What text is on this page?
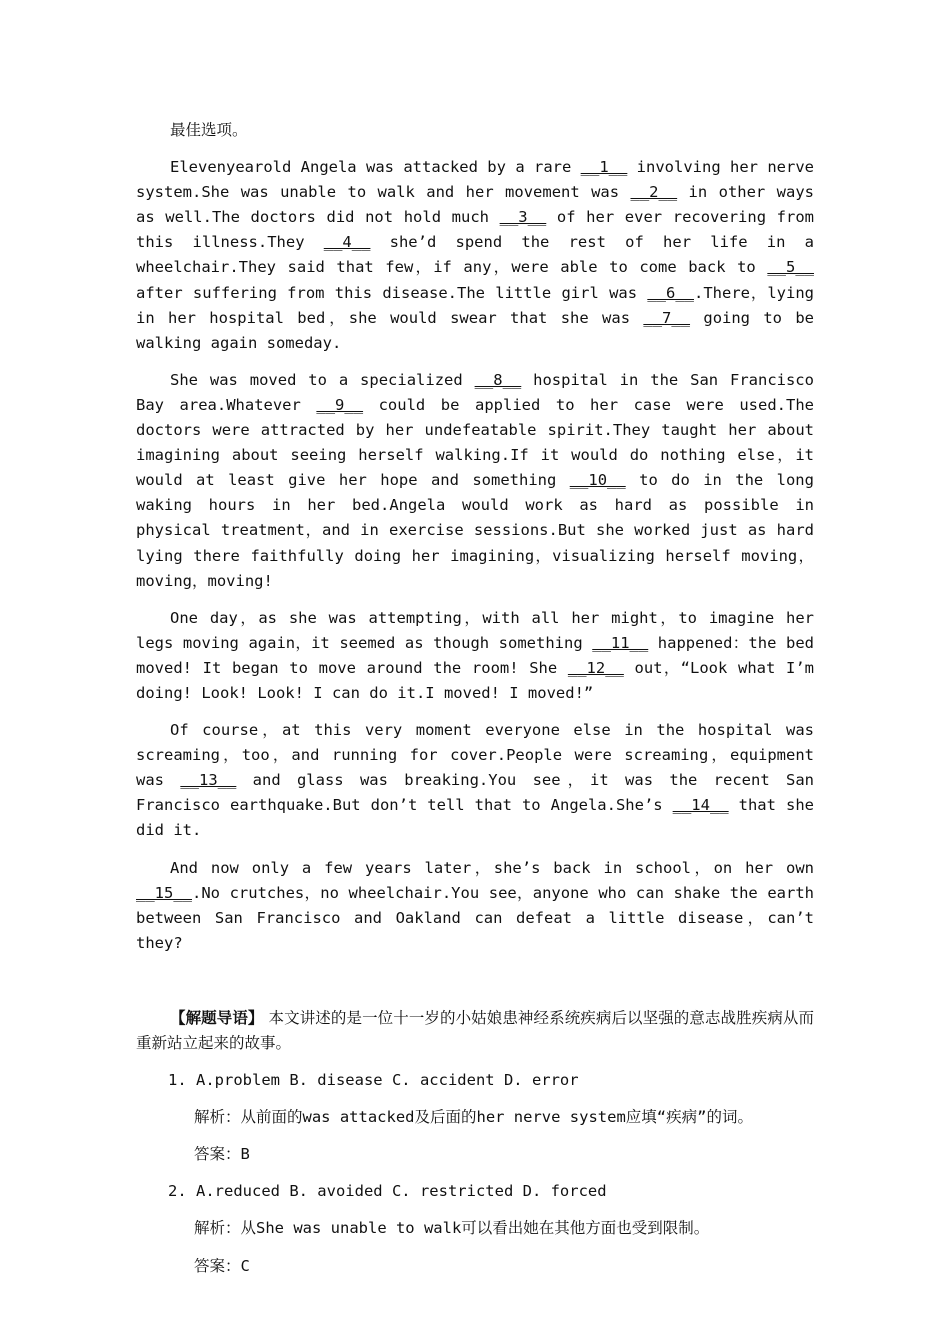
最佳选项。

Elevenyearold Angela was attacked by a rare __1__ involving her nerve system.She was unable to walk and her movement was __2__ in other ways as well.The doctors did not hold much __3__ of her ever recovering from this illness.They __4__ she’d spend the rest of her life in a wheelchair.They said that few，if any，were able to come back to __5__ after suffering from this disease.The little girl was __6__.There，lying in her hospital bed，she would swear that she was __7__ going to be walking again someday.

She was moved to a specialized __8__ hospital in the San Francisco Bay area.Whatever __9__ could be applied to her case were used.The doctors were attracted by her undefeatable spirit.They taught her about imagining about seeing herself walking.If it would do nothing else，it would at least give her hope and something __10__ to do in the long waking hours in her bed.Angela would work as hard as possible in physical treatment，and in exercise sessions.But she worked just as hard lying there faithfully doing her imagining，visualizing herself moving，moving，moving!

One day，as she was attempting，with all her might，to imagine her legs moving again，it seemed as though something __11__ happened：the bed moved! It began to move around the room! She __12__ out，“Look what I’m doing! Look! Look! I can do it.I moved! I moved!”

Of course，at this very moment everyone else in the hospital was screaming，too，and running for cover.People were screaming，equipment was __13__ and glass was breaking.You see，it was the recent San Francisco earthquake.But don’t tell that to Angela.She’s __14__ that she did it.

And now only a few years later，she’s back in school，on her own __15__.No crutches，no wheelchair.You see，anyone who can shake the earth between San Francisco and Oakland can defeat a little disease，can’t they?

【解题导语】 本文讲述的是一位十一岁的小姑娘患神经系统疾病后以坚强的意志战胜疾病从而重新站立起来的故事。

1. A.problem B. disease C. accident D. error

解析：从前面的was attacked及后面的her nerve system应填“疾病”的词。

答案：B

2. A.reduced B. avoided C. restricted D. forced

解析：从She was unable to walk可以看出她在其他方面也受到限制。

答案：C
